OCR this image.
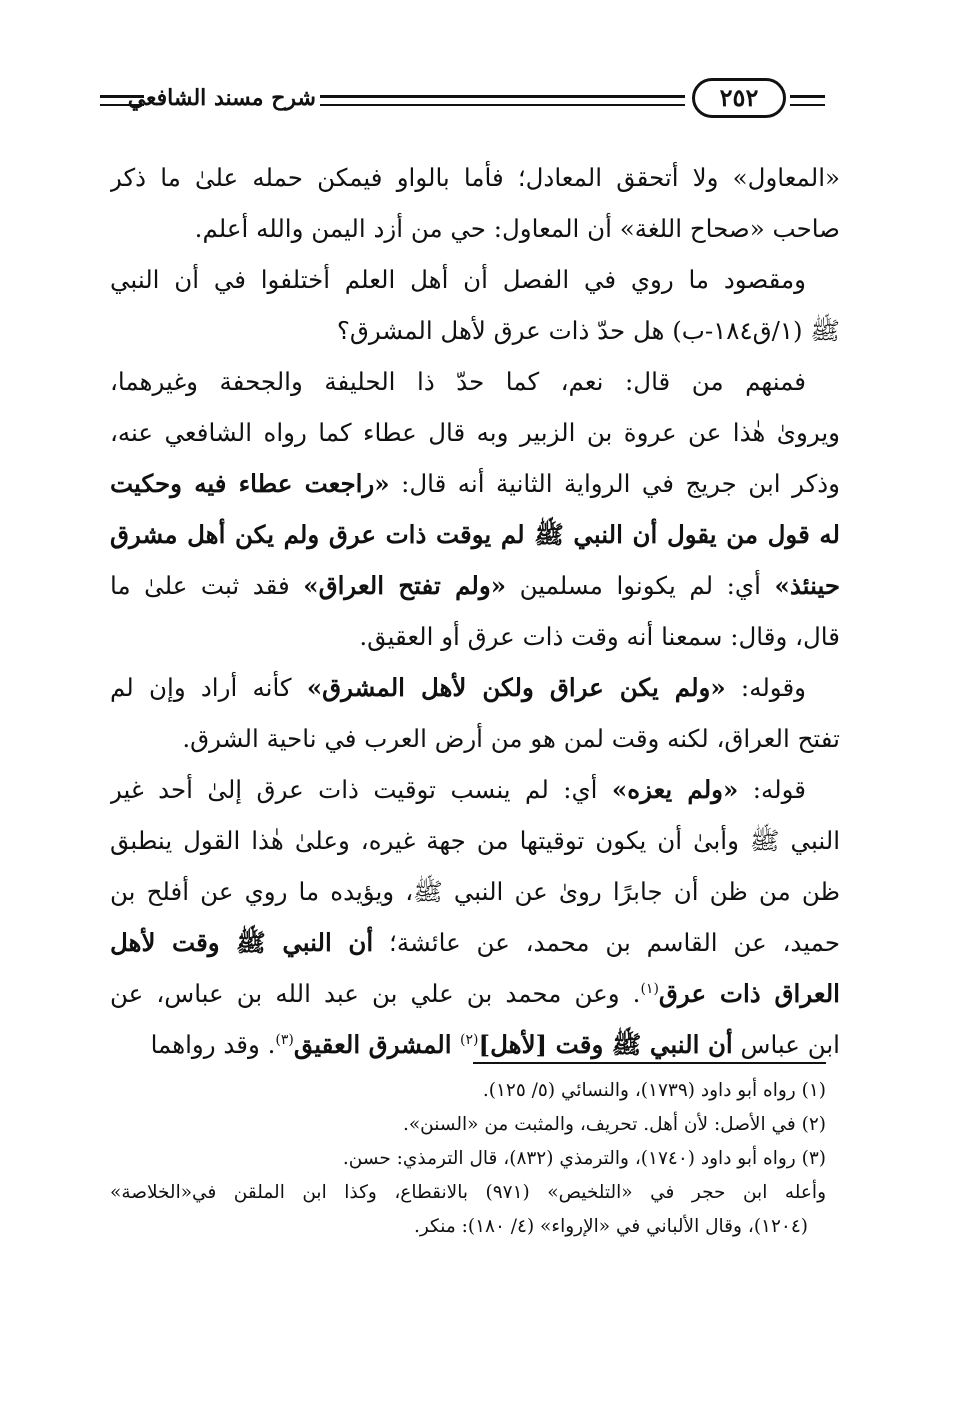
شرح مسند الشافعي	٢٥٢
«المعاول» ولا أتحقق المعادل؛ فأما بالواو فيمكن حمله علىٰ ما ذكر
صاحب «صحاح اللغة» أن المعاول: حي من أزد اليمن والله أعلم.
ومقصود ما روي في الفصل أن أهل العلم أختلفوا في أن النبي
ﷺ (١/ق١٨٤-ب) هل حدّ ذات عرق لأهل المشرق؟
فمنهم من قال: نعم، كما حدّ ذا الحليفة والجحفة وغيرهما،
ويروىٰ هٰذا عن عروة بن الزبير وبه قال عطاء كما رواه الشافعي عنه،
وذكر ابن جريج في الرواية الثانية أنه قال: «راجعت عطاء فيه وحكيت
له قول من يقول أن النبي ﷺ لم يوقت ذات عرق ولم يكن أهل مشرق
حينئذ» أي: لم يكونوا مسلمين «ولم تفتح العراق» فقد ثبت علىٰ ما
قال، وقال: سمعنا أنه وقت ذات عرق أو العقيق.
وقوله: «ولم يكن عراق ولكن لأهل المشرق» كأنه أراد وإن لم
تفتح العراق، لكنه وقت لمن هو من أرض العرب في ناحية الشرق.
قوله: «ولم يعزه» أي: لم ينسب توقيت ذات عرق إلىٰ أحد غير
النبي ﷺ وأبىٰ أن يكون توقيتها من جهة غيره، وعلىٰ هٰذا القول ينطبق
ظن من ظن أن جابرًا روىٰ عن النبي ﷺ، ويؤيده ما روي عن أفلح بن
حميد، عن القاسم بن محمد، عن عائشة؛ أن النبي ﷺ وقت لأهل
العراق ذات عرق$^{(١)}$. وعن محمد بن علي بن عبد الله بن عباس، عن
ابن عباس أن النبي ﷺ وقت [لأهل]$^{(٢)}$ المشرق العقيق$^{(٣)}$. وقد رواهما
(١) رواه أبو داود (١٧٣٩)، والنسائي (٥/ ١٢٥).
(٢) في الأصل: لأن أهل. تحريف، والمثبت من «السنن».
(٣) رواه أبو داود (١٧٤٠)، والترمذي (٨٣٢)، قال الترمذي: حسن.
وأعله ابن حجر في «التلخيص» (٩٧١) بالانقطاع، وكذا ابن الملقن في«الخلاصة»
(١٢٠٤)، وقال الألباني في «الإرواء» (٤/ ١٨٠): منكر.
